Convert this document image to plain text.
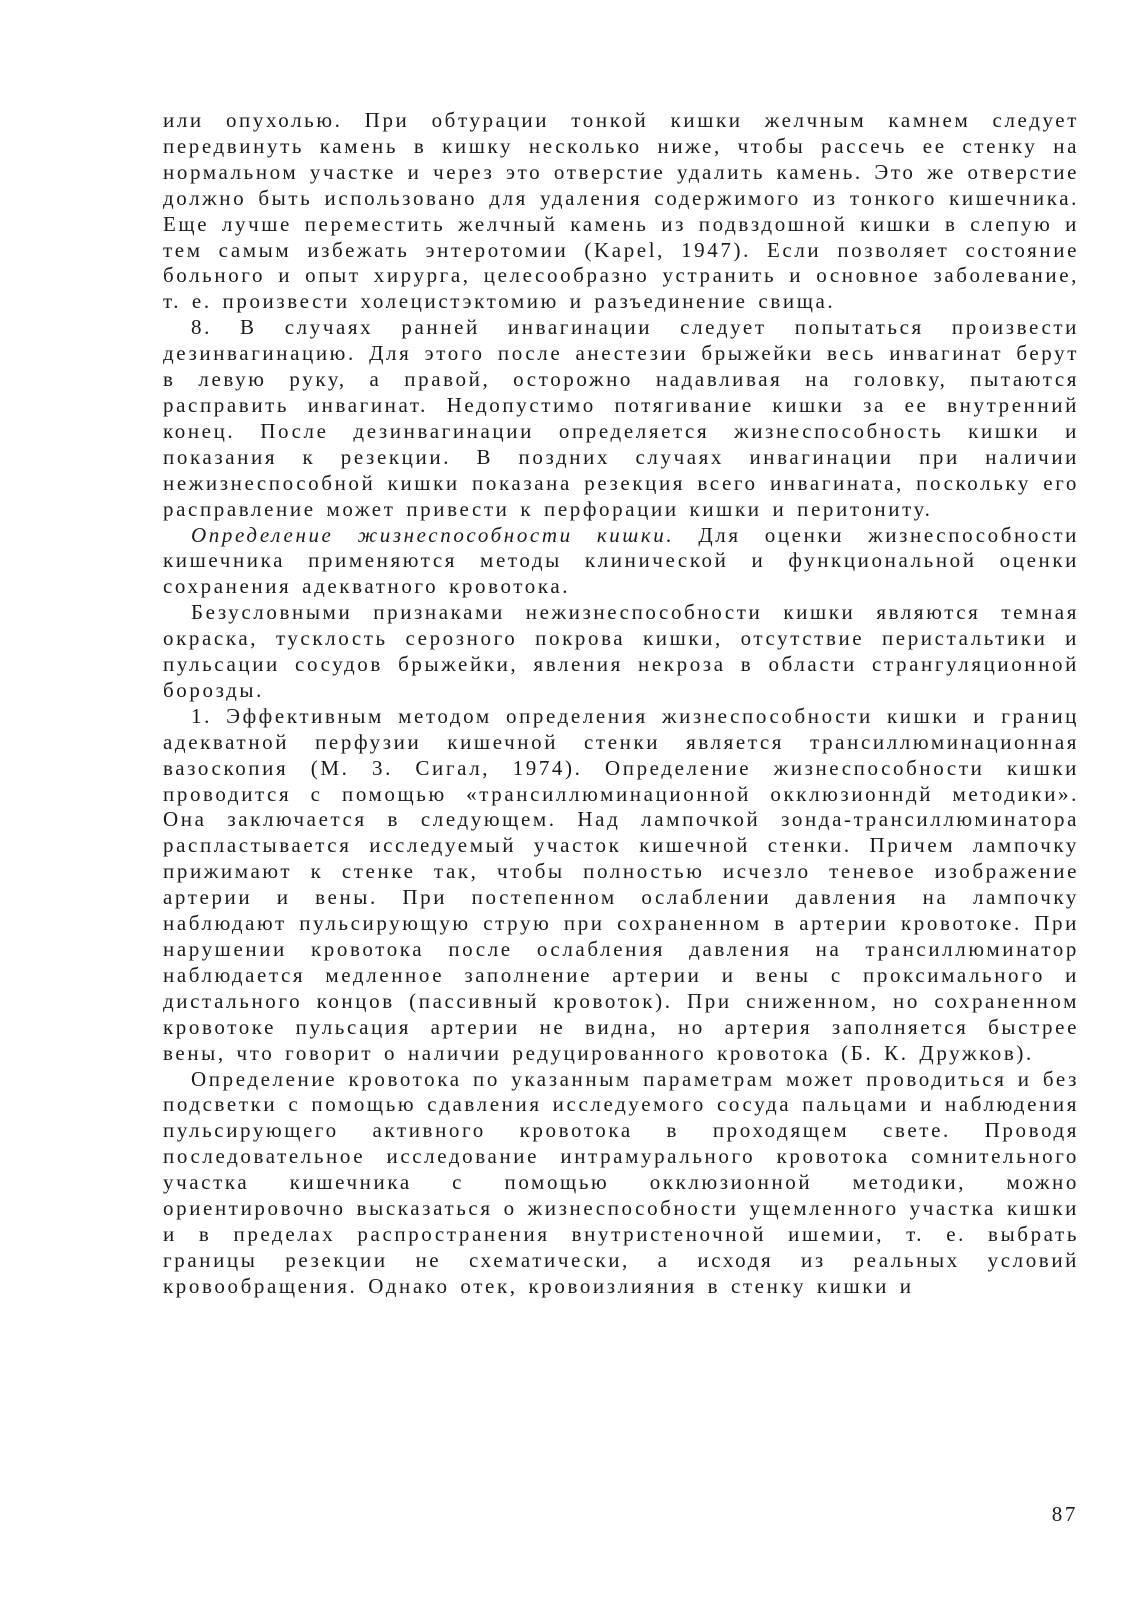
или опухолью. При обтурации тонкой кишки желчным камнем следует передвинуть камень в кишку несколько ниже, чтобы рассечь ее стенку на нормальном участке и через это отверстие удалить камень. Это же отверстие должно быть использовано для удаления содержимого из тонкого кишечника. Еще лучше переместить желчный камень из подвздошной кишки в слепую и тем самым избежать энтеротомии (Kapel, 1947). Если позволяет состояние больного и опыт хирурга, целесообразно устранить и основное заболевание, т. е. произвести холецистэктомию и разъединение свища.

8. В случаях ранней инвагинации следует попытаться произвести дезинвагинацию. Для этого после анестезии брыжейки весь инвагинат берут в левую руку, а правой, осторожно надавливая на головку, пытаются расправить инвагинат. Недопустимо потягивание кишки за ее внутренний конец. После дезинвагинации определяется жизнеспособность кишки и показания к резекции. В поздних случаях инвагинации при наличии нежизнеспособной кишки показана резекция всего инвагината, поскольку его расправление может привести к перфорации кишки и перитониту.

Определение жизнеспособности кишки. Для оценки жизнеспособности кишечника применяются методы клинической и функциональной оценки сохранения адекватного кровотока.

Безусловными признаками нежизнеспособности кишки являются темная окраска, тусклость серозного покрова кишки, отсутствие перистальтики и пульсации сосудов брыжейки, явления некроза в области странгуляционной борозды.

1. Эффективным методом определения жизнеспособности кишки и границ адекватной перфузии кишечной стенки является трансиллюминационная вазоскопия (М. 3. Сигал, 1974). Определение жизнеспособности кишки проводится с помощью «трансиллюминационной окклюзионндй методики». Она заключается в следующем. Над лампочкой зонда-трансиллюминатора распластывается исследуемый участок кишечной стенки. Причем лампочку прижимают к стенке так, чтобы полностью исчезло теневое изображение артерии и вены. При постепенном ослаблении давления на лампочку наблюдают пульсирующую струю при сохраненном в артерии кровотоке. При нарушении кровотока после ослабления давления на трансиллюминатор наблюдается медленное заполнение артерии и вены с проксимального и дистального концов (пассивный кровоток). При сниженном, но сохраненном кровотоке пульсация артерии не видна, но артерия заполняется быстрее вены, что говорит о наличии редуцированного кровотока (Б. К. Дружков).

Определение кровотока по указанным параметрам может проводиться и без подсветки с помощью сдавления исследуемого сосуда пальцами и наблюдения пульсирующего активного кровотока в проходящем свете. Проводя последовательное исследование интрамурального кровотока сомнительного участка кишечника с помощью окклюзионной методики, можно ориентировочно высказаться о жизнеспособности ущемленного участка кишки и в пределах распространения внутристеночной ишемии, т. е. выбрать границы резекции не схематически, а исходя из реальных условий кровообращения. Однако отек, кровоизлияния в стенку кишки и

87
